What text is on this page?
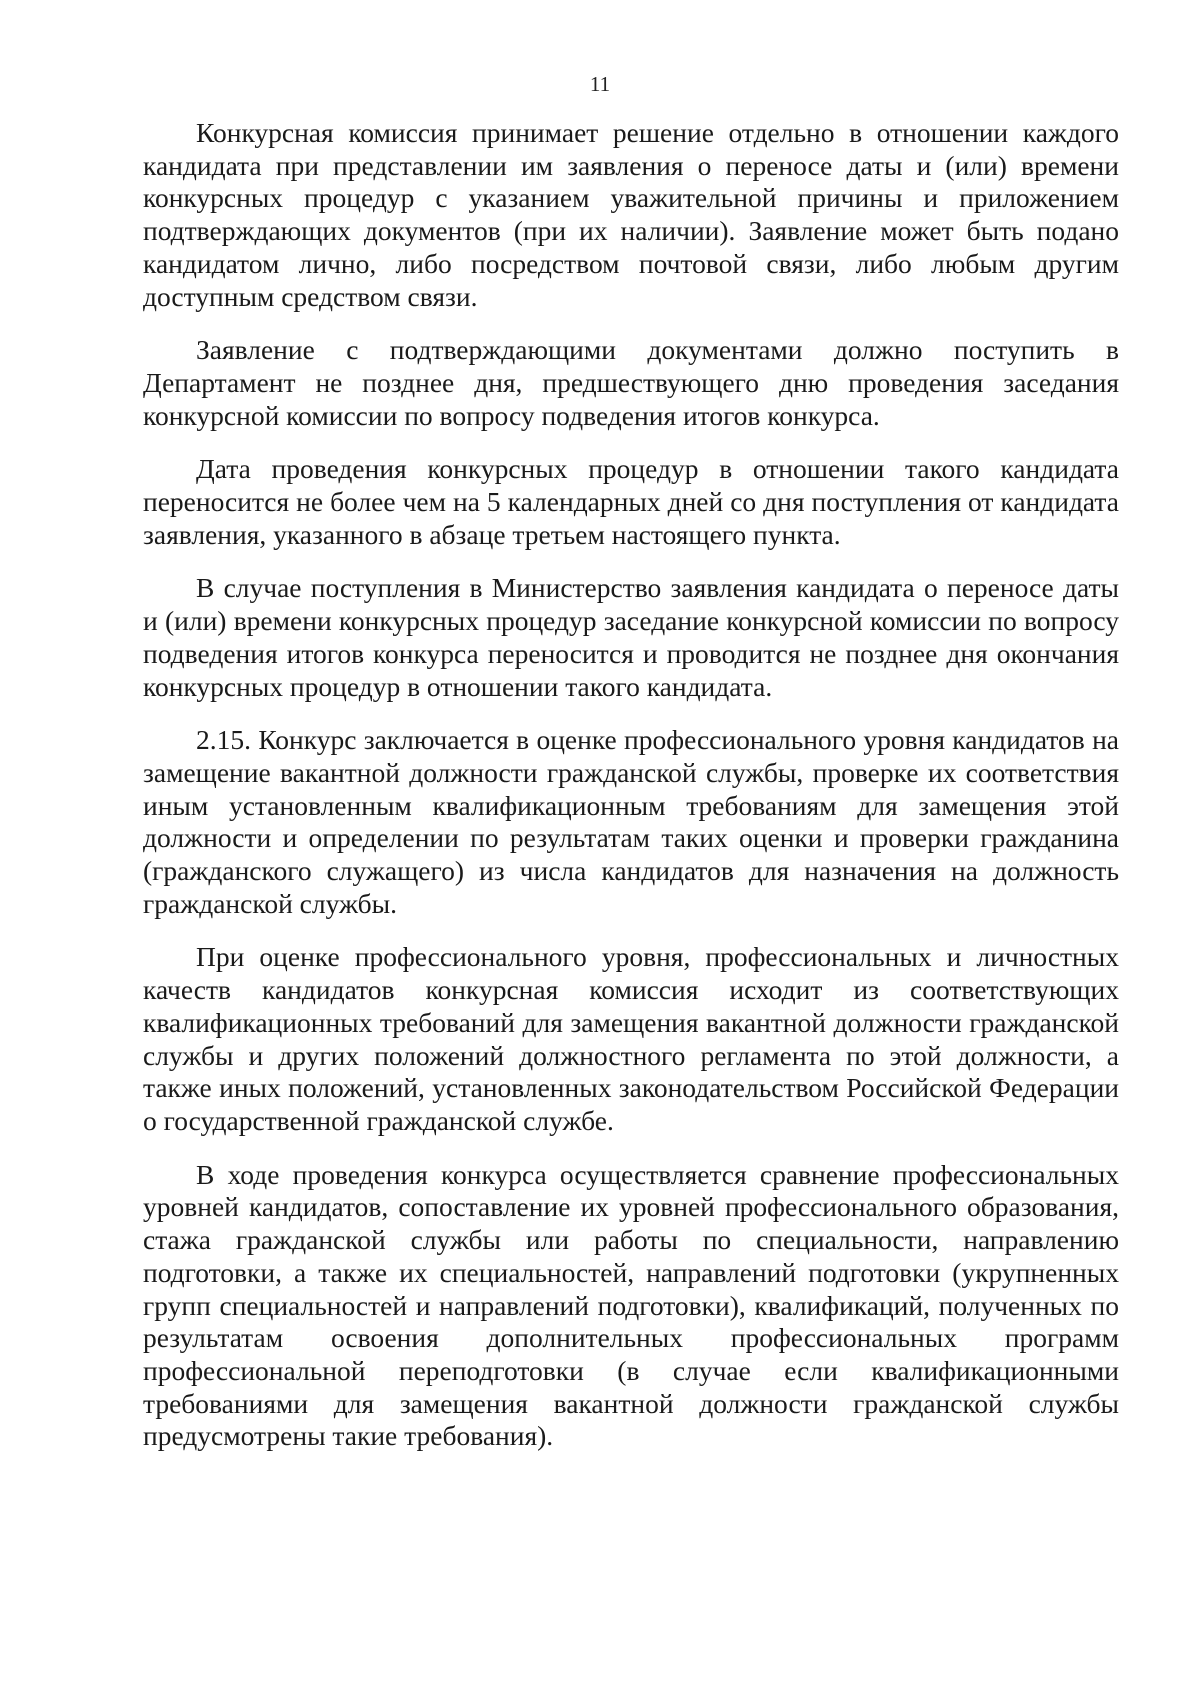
11

Конкурсная комиссия принимает решение отдельно в отношении каждого кандидата при представлении им заявления о переносе даты и (или) времени конкурсных процедур с указанием уважительной причины и приложением подтверждающих документов (при их наличии). Заявление может быть подано кандидатом лично, либо посредством почтовой связи, либо любым другим доступным средством связи.

Заявление с подтверждающими документами должно поступить в Департамент не позднее дня, предшествующего дню проведения заседания конкурсной комиссии по вопросу подведения итогов конкурса.

Дата проведения конкурсных процедур в отношении такого кандидата переносится не более чем на 5 календарных дней со дня поступления от кандидата заявления, указанного в абзаце третьем настоящего пункта.

В случае поступления в Министерство заявления кандидата о переносе даты и (или) времени конкурсных процедур заседание конкурсной комиссии по вопросу подведения итогов конкурса переносится и проводится не позднее дня окончания конкурсных процедур в отношении такого кандидата.

2.15. Конкурс заключается в оценке профессионального уровня кандидатов на замещение вакантной должности гражданской службы, проверке их соответствия иным установленным квалификационным требованиям для замещения этой должности и определении по результатам таких оценки и проверки гражданина (гражданского служащего) из числа кандидатов для назначения на должность гражданской службы.

При оценке профессионального уровня, профессиональных и личностных качеств кандидатов конкурсная комиссия исходит из соответствующих квалификационных требований для замещения вакантной должности гражданской службы и других положений должностного регламента по этой должности, а также иных положений, установленных законодательством Российской Федерации о государственной гражданской службе.

В ходе проведения конкурса осуществляется сравнение профессиональных уровней кандидатов, сопоставление их уровней профессионального образования, стажа гражданской службы или работы по специальности, направлению подготовки, а также их специальностей, направлений подготовки (укрупненных групп специальностей и направлений подготовки), квалификаций, полученных по результатам освоения дополнительных профессиональных программ профессиональной переподготовки (в случае если квалификационными требованиями для замещения вакантной должности гражданской службы предусмотрены такие требования).
